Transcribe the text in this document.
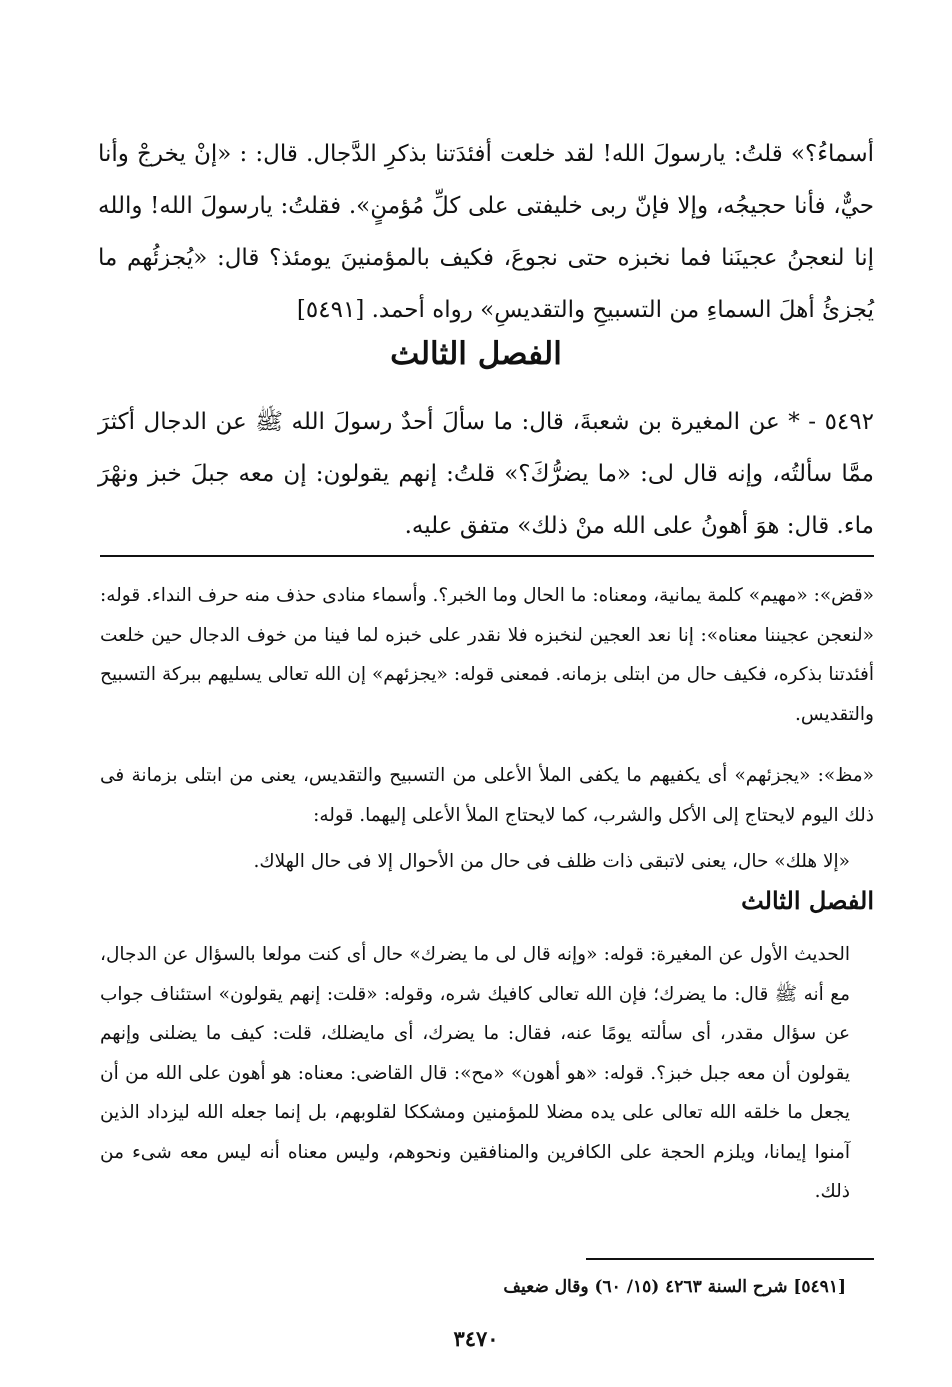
أسماءُ؟» قلتُ: يارسولَ الله! لقد خلعت أفئدَتنا بذكرِ الدَّجال. قال: : «إنْ يخرجْ وأنا حيٌّ، فأنا حجيجُه، وإلا فإنّ ربى خليفتى على كلِّ مُؤمنٍ». فقلتُ: يارسولَ الله! والله إنا لنعجنُ عجينَنا فما نخبزه حتى نجوعَ، فكيف بالمؤمنينَ يومئذ؟ قال: «يُجزئُهم ما يُجزئُ أهلَ السماءِ من التسبيحِ والتقديسِ» رواه أحمد. [٥٤٩١]
الفصل الثالث
٥٤٩٢ - * عن المغيرة بن شعبةَ، قال: ما سألَ أحدٌ رسولَ الله ﷺ عن الدجال أكثرَ ممَّا سألتُه، وإنه قال لى: «ما يضرُّكَ؟» قلتُ: إنهم يقولون: إن معه جبلَ خبز ونهْرَ ماء. قال: هوَ أهونُ على الله منْ ذلك» متفق عليه.
«قض»: «مهيم» كلمة يمانية، ومعناه: ما الحال وما الخبر؟. وأسماء منادى حذف منه حرف النداء. قوله: «لنعجن عجيننا معناه»: إنا نعد العجين لنخبزه فلا نقدر على خبزه لما فينا من خوف الدجال حين خلعت أفئدتنا بذكره، فكيف حال من ابتلى بزمانه. فمعنى قوله: «يجزئهم» إن الله تعالى يسليهم ببركة التسبيح والتقديس.
«مظ»: «يجزئهم» أى يكفيهم ما يكفى الملأ الأعلى من التسبيح والتقديس، يعنى من ابتلى بزمانة فى ذلك اليوم لايحتاج إلى الأكل والشرب، كما لايحتاج الملأ الأعلى إليهما. قوله:
«إلا هلك» حال، يعنى لاتبقى ذات ظلف فى حال من الأحوال إلا فى حال الهلاك.
الفصل الثالث
الحديث الأول عن المغيرة: قوله: «وإنه قال لى ما يضرك» حال أى كنت مولعا بالسؤال عن الدجال، مع أنه ﷺ قال: ما يضرك؛ فإن الله تعالى كافيك شره، وقوله: «قلت: إنهم يقولون» استئناف جواب عن سؤال مقدر، أى سألته يومًا عنه، فقال: ما يضرك، أى مايضلك، قلت: كيف ما يضلنى وإنهم يقولون أن معه جبل خبز؟. قوله: «هو أهون» «مح»: قال القاضى: معناه: هو أهون على الله من أن يجعل ما خلقه الله تعالى على يده مضلا للمؤمنين ومشككا لقلوبهم، بل إنما جعله الله ليزداد الذين آمنوا إيمانا، ويلزم الحجة على الكافرين والمنافقين ونحوهم، وليس معناه أنه ليس معه شىء من ذلك.
[٥٤٩١] شرح السنة ٤٢٦٣ (١٥/ ٦٠) وقال ضعيف
٣٤٧٠
